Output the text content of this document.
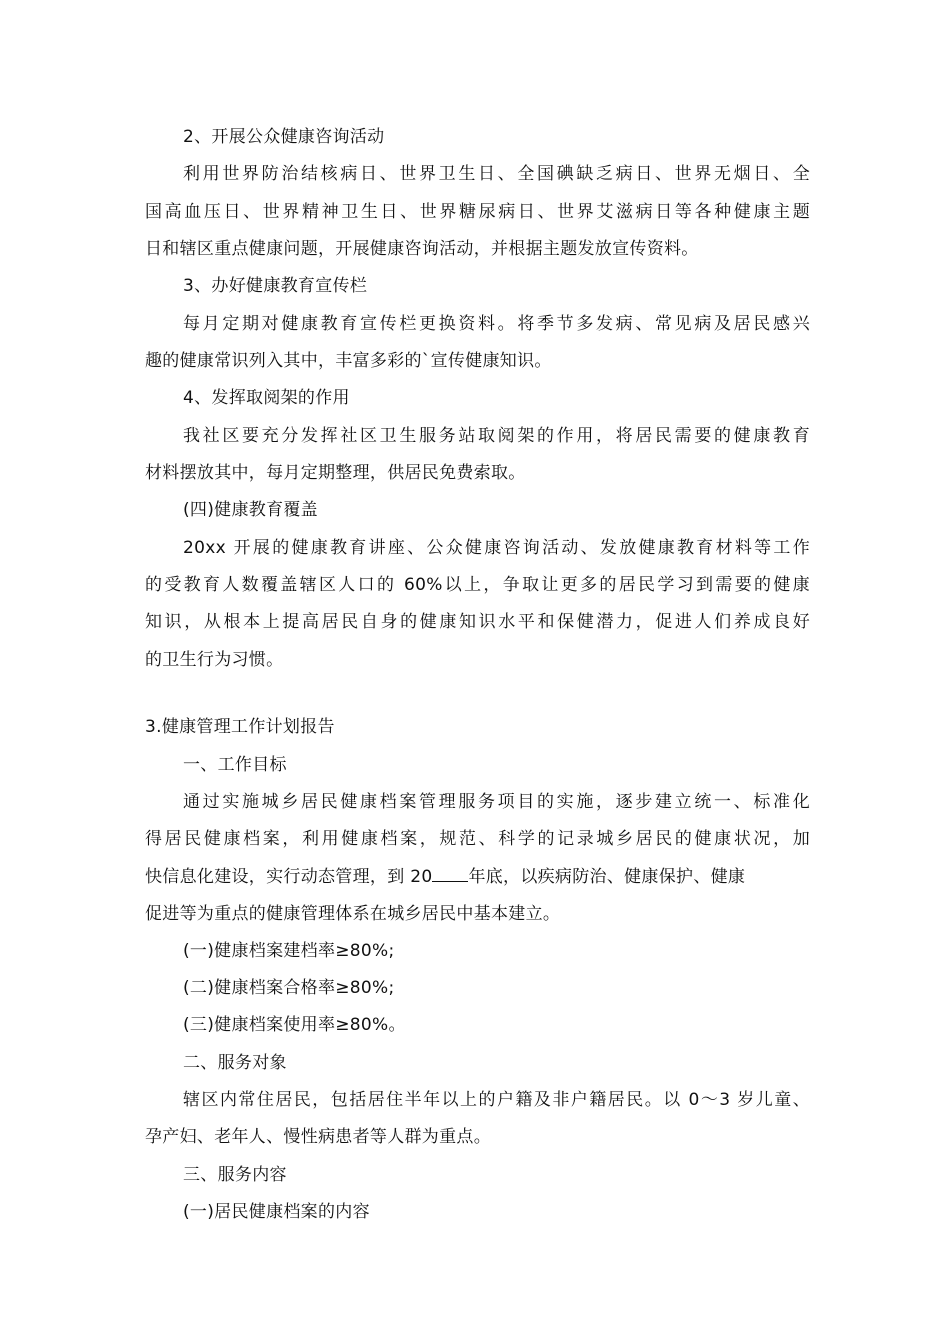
2、开展公众健康咨询活动
利用世界防治结核病日、世界卫生日、全国碘缺乏病日、世界无烟日、全
国高血压日、世界精神卫生日、世界糖尿病日、世界艾滋病日等各种健康主题
日和辖区重点健康问题，开展健康咨询活动，并根据主题发放宣传资料。
3、办好健康教育宣传栏
每月定期对健康教育宣传栏更换资料。将季节多发病、常见病及居民感兴
趣的健康常识列入其中，丰富多彩的`宣传健康知识。
4、发挥取阅架的作用
我社区要充分发挥社区卫生服务站取阅架的作用，将居民需要的健康教育
材料摆放其中，每月定期整理，供居民免费索取。
(四)健康教育覆盖
20xx 开展的健康教育讲座、公众健康咨询活动、发放健康教育材料等工作
的受教育人数覆盖辖区人口的 60%以上，争取让更多的居民学习到需要的健康
知识，从根本上提高居民自身的健康知识水平和保健潜力，促进人们养成良好
的卫生行为习惯。
3.健康管理工作计划报告
一、工作目标
通过实施城乡居民健康档案管理服务项目的实施，逐步建立统一、标准化
得居民健康档案，利用健康档案，规范、科学的记录城乡居民的健康状况，加
快信息化建设，实行动态管理，到 20 年底，以疾病防治、健康保护、健康
促进等为重点的健康管理体系在城乡居民中基本建立。
(一)健康档案建档率≥80%;
(二)健康档案合格率≥80%;
(三)健康档案使用率≥80%。
二、服务对象
辖区内常住居民，包括居住半年以上的户籍及非户籍居民。以 0～3 岁儿童、
孕产妇、老年人、慢性病患者等人群为重点。
三、服务内容
(一)居民健康档案的内容
